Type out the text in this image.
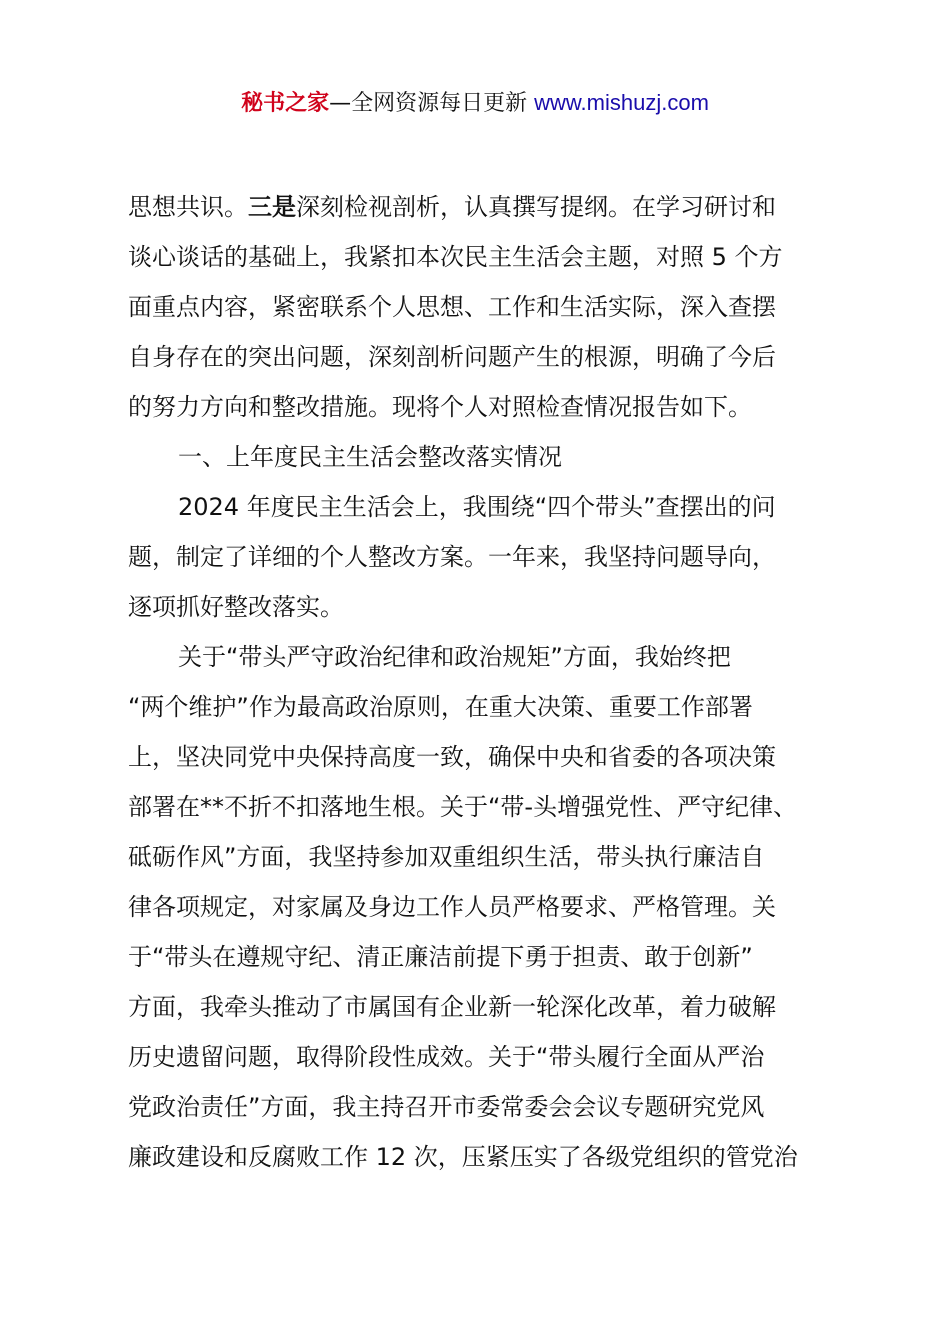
秘书之家—全网资源每日更新 www.mishuzj.com
思想共识。三是深刻检视剖析，认真撰写提纲。在学习研讨和
谈心谈话的基础上，我紧扣本次民主生活会主题，对照 5 个方
面重点内容，紧密联系个人思想、工作和生活实际，深入查摆
自身存在的突出问题，深刻剖析问题产生的根源，明确了今后
的努力方向和整改措施。现将个人对照检查情况报告如下。
一、上年度民主生活会整改落实情况
2024 年度民主生活会上，我围绕“四个带头”查摆出的问
题，制定了详细的个人整改方案。一年来，我坚持问题导向，
逐项抓好整改落实。
关于“带头严守政治纪律和政治规矩”方面，我始终把
“两个维护”作为最高政治原则，在重大决策、重要工作部署
上，坚决同党中央保持高度一致，确保中央和省委的各项决策
部署在**不折不扣落地生根。关于“带-头增强党性、严守纪律、
砥砺作风”方面，我坚持参加双重组织生活，带头执行廉洁自
律各项规定，对家属及身边工作人员严格要求、严格管理。关
于“带头在遵规守纪、清正廉洁前提下勇于担责、敢于创新”
方面，我牵头推动了市属国有企业新一轮深化改革，着力破解
历史遗留问题，取得阶段性成效。关于“带头履行全面从严治
党政治责任”方面，我主持召开市委常委会会议专题研究党风
廉政建设和反腐败工作 12 次，压紧压实了各级党组织的管党治
